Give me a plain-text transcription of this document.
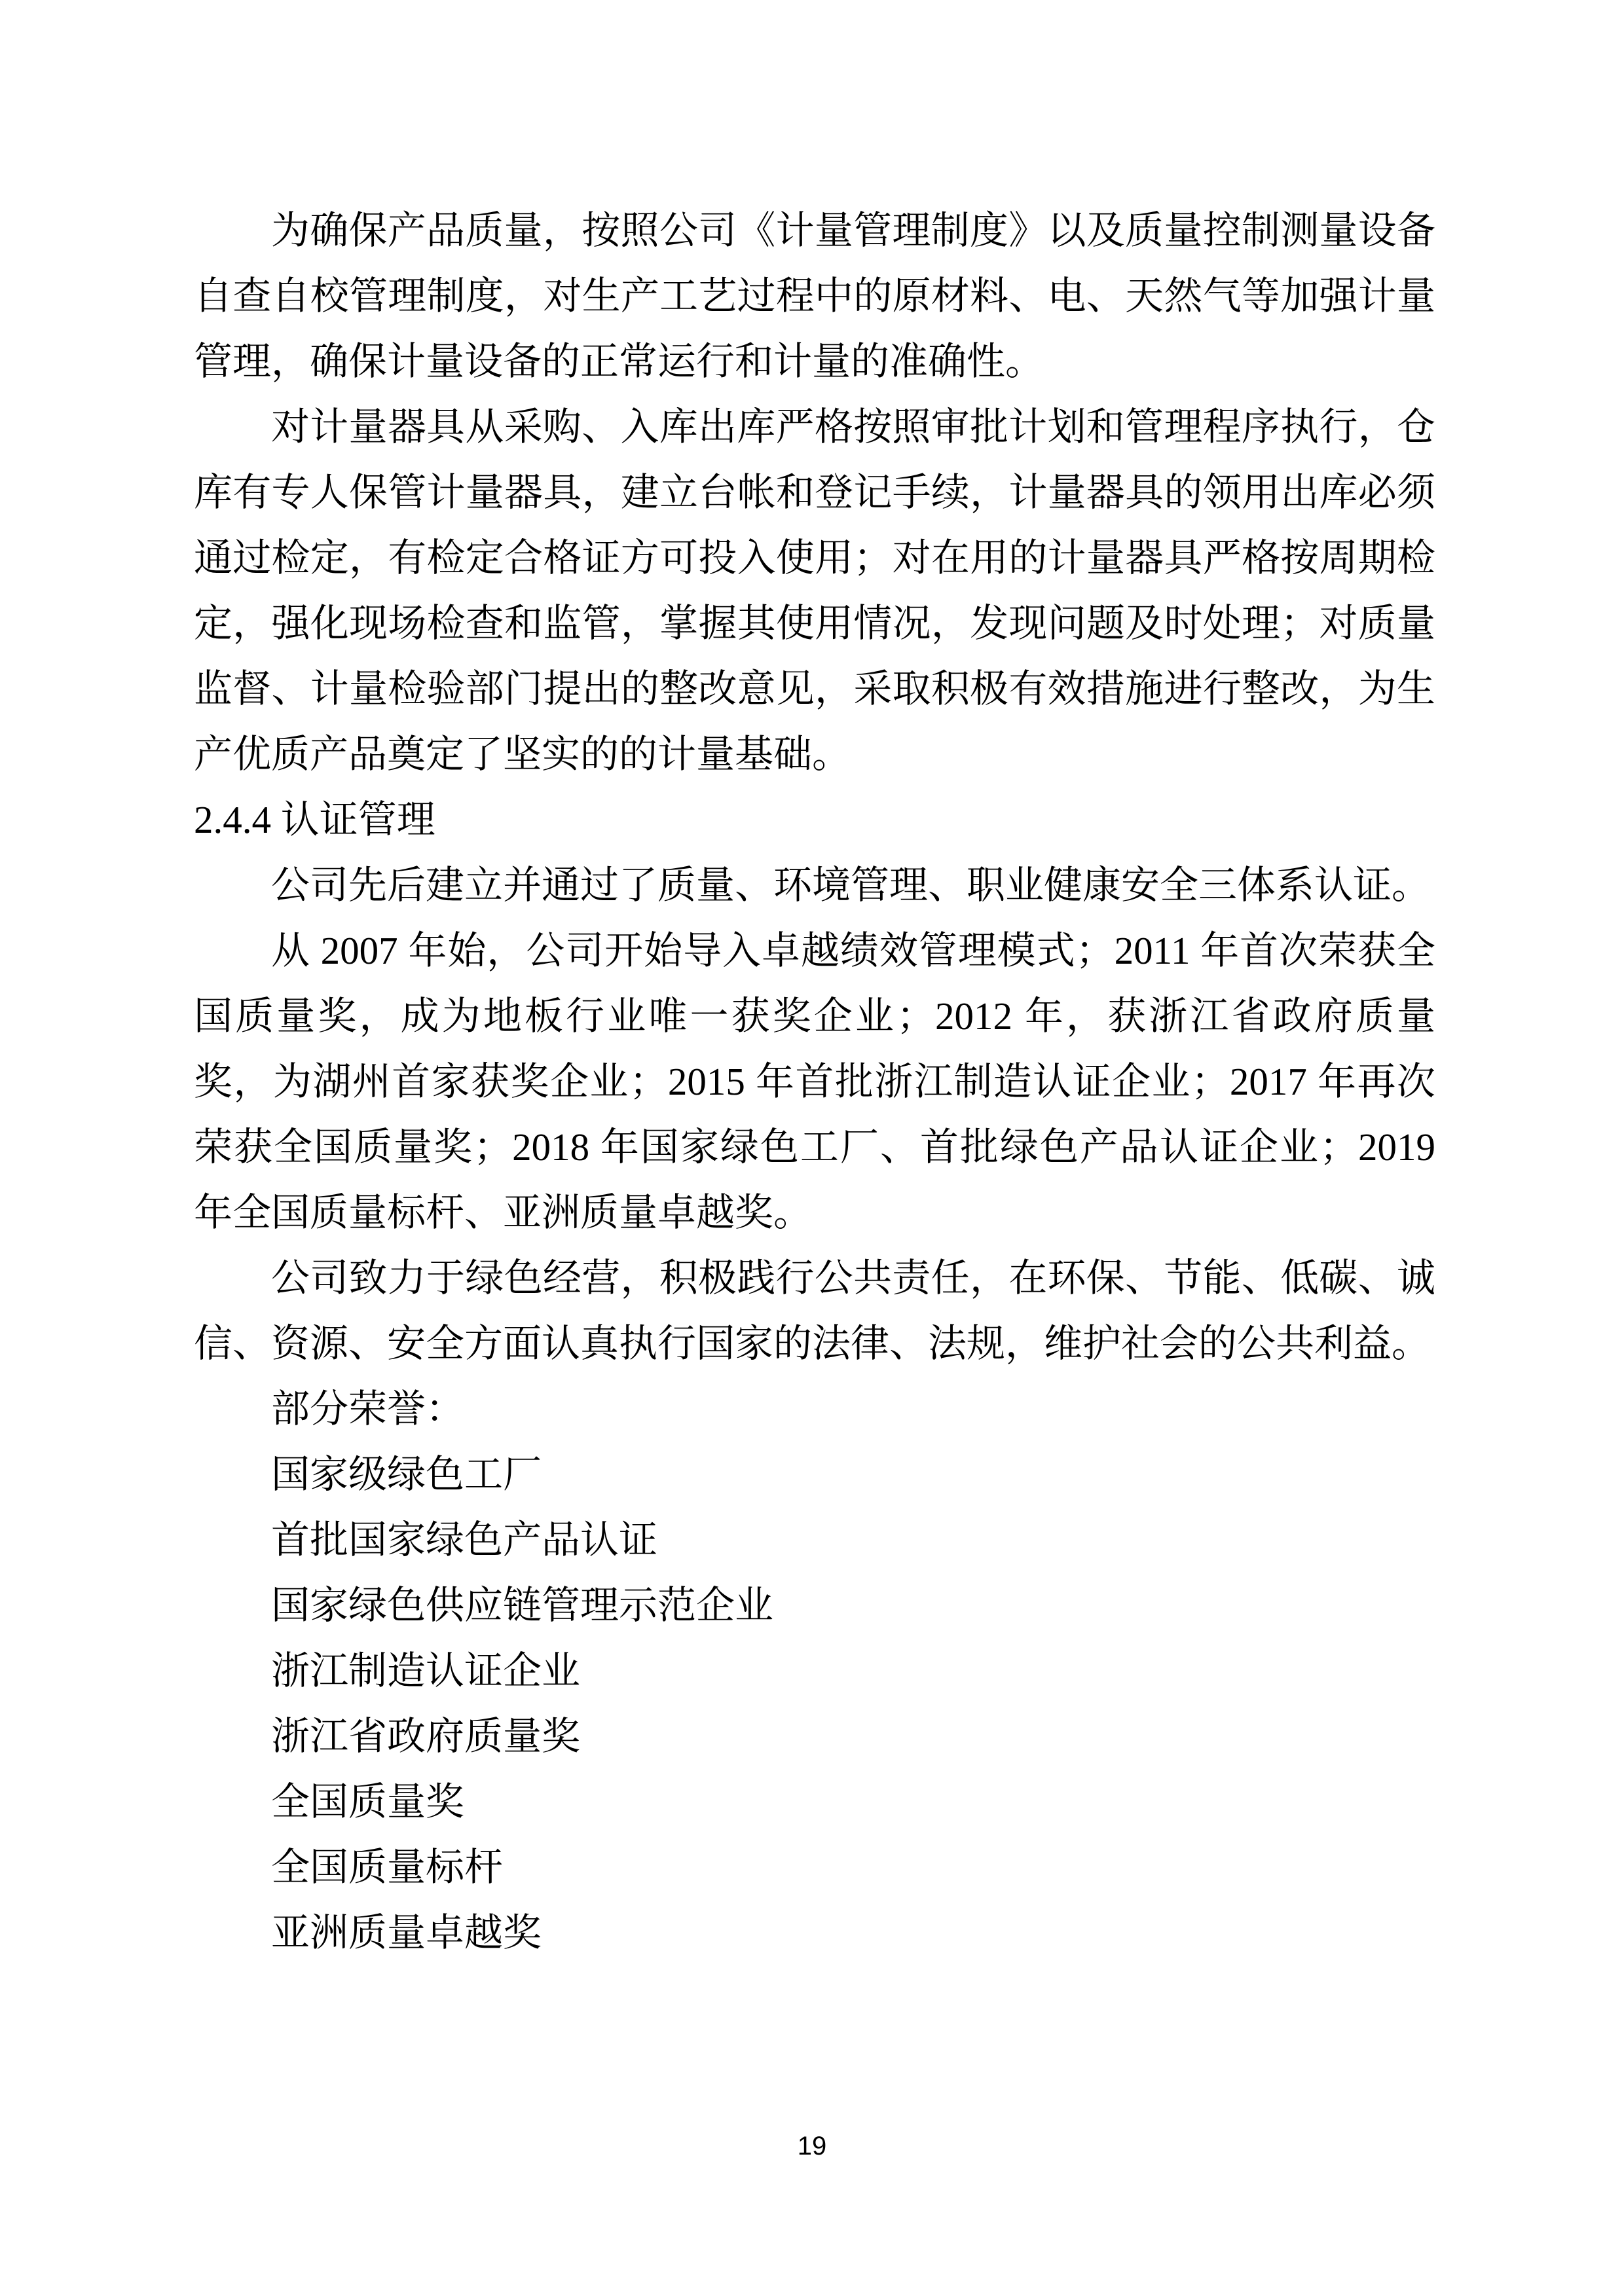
为确保产品质量，按照公司《计量管理制度》以及质量控制测量设备自查自校管理制度，对生产工艺过程中的原材料、电、天然气等加强计量管理，确保计量设备的正常运行和计量的准确性。

对计量器具从采购、入库出库严格按照审批计划和管理程序执行，仓库有专人保管计量器具，建立台帐和登记手续，计量器具的领用出库必须通过检定，有检定合格证方可投入使用；对在用的计量器具严格按周期检定，强化现场检查和监管，掌握其使用情况，发现问题及时处理；对质量监督、计量检验部门提出的整改意见，采取积极有效措施进行整改，为生产优质产品奠定了坚实的的计量基础。

2.4.4 认证管理

公司先后建立并通过了质量、环境管理、职业健康安全三体系认证。

从 2007 年始，公司开始导入卓越绩效管理模式；2011 年首次荣获全国质量奖，成为地板行业唯一获奖企业；2012 年，获浙江省政府质量奖，为湖州首家获奖企业；2015 年首批浙江制造认证企业；2017 年再次荣获全国质量奖；2018 年国家绿色工厂、首批绿色产品认证企业；2019 年全国质量标杆、亚洲质量卓越奖。

公司致力于绿色经营，积极践行公共责任，在环保、节能、低碳、诚信、资源、安全方面认真执行国家的法律、法规，维护社会的公共利益。

部分荣誉：

国家级绿色工厂

首批国家绿色产品认证

国家绿色供应链管理示范企业

浙江制造认证企业

浙江省政府质量奖

全国质量奖

全国质量标杆

亚洲质量卓越奖

19
